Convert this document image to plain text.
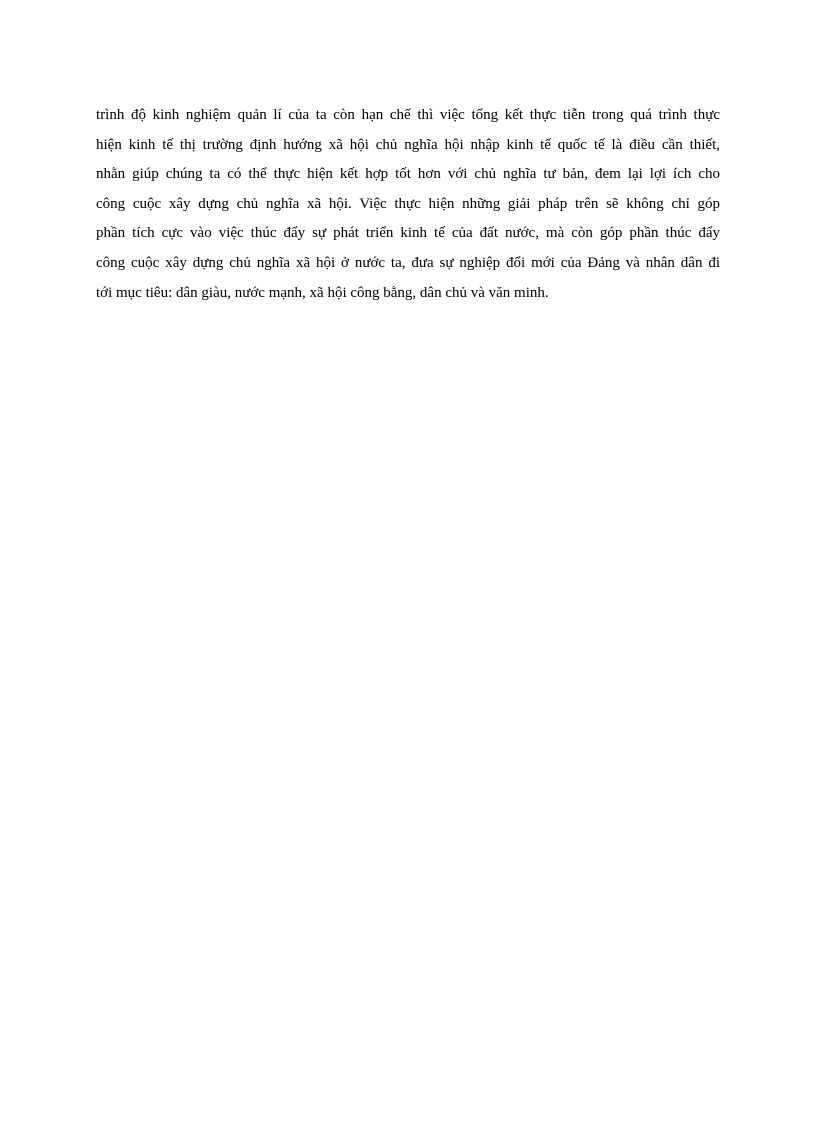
trình độ kinh nghiệm quản lí của ta còn hạn chế thì việc tổng kết thực tiễn trong quá trình thực
hiện kinh tế thị trường định hướng xã hội chủ nghĩa hội nhập kinh tế quốc tế là điều cần thiết,
nhằn giúp chúng ta có thể thực hiện kết hợp tốt hơn với chủ nghĩa tư bản, đem lại lợi ích cho
công cuộc xây dựng chủ nghĩa xã hội. Việc thực hiện những giải pháp trên sẽ không chỉ góp
phần tích cực vào việc thúc đẩy sự phát triển kinh tế của đất nước, mà còn góp phần thúc đẩy
công cuộc xây dựng chủ nghĩa xã hội ở nước ta, đưa sự nghiệp đổi mới của Đảng và nhân dân đi
tới mục tiêu: dân giàu, nước mạnh, xã hội công bằng, dân chủ và văn minh.
